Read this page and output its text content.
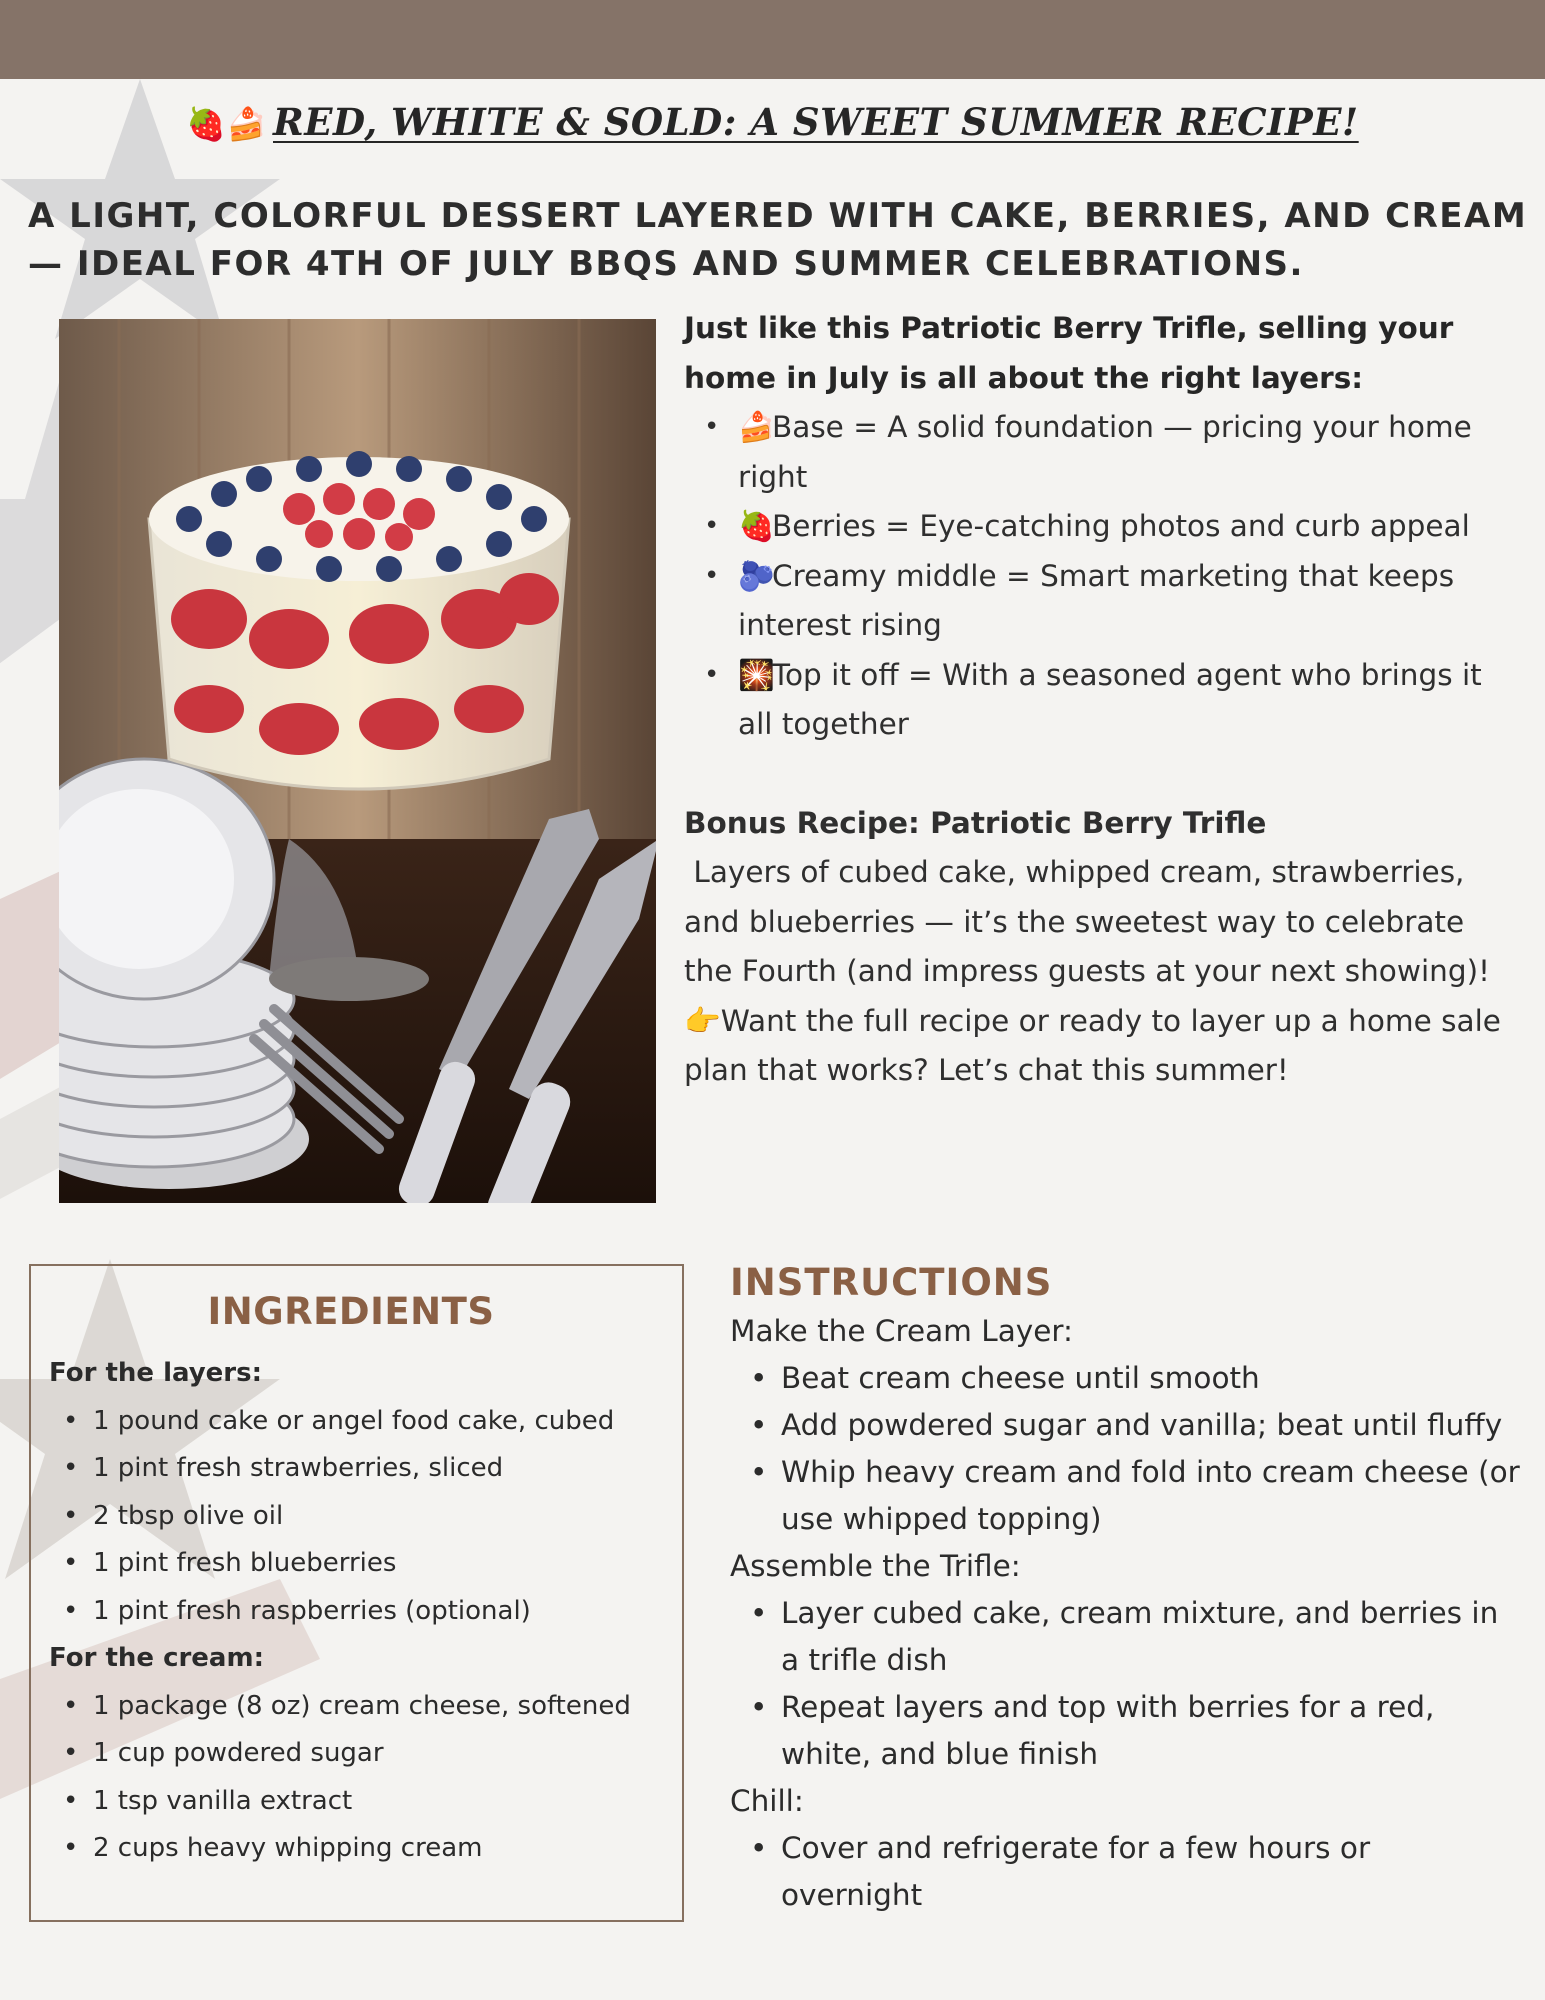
🍓🍰 RED, WHITE & SOLD: A SWEET SUMMER RECIPE!
A LIGHT, COLORFUL DESSERT LAYERED WITH CAKE, BERRIES, AND CREAM — IDEAL FOR 4TH OF JULY BBQS AND SUMMER CELEBRATIONS.
Just like this Patriotic Berry Trifle, selling your home in July is all about the right layers:
• 🍰Base = A solid foundation — pricing your home right
• 🍓Berries = Eye-catching photos and curb appeal
• 🫐Creamy middle = Smart marketing that keeps interest rising
• 🎇Top it off = With a seasoned agent who brings it all together
Bonus Recipe: Patriotic Berry Trifle
Layers of cubed cake, whipped cream, strawberries, and blueberries — it’s the sweetest way to celebrate the Fourth (and impress guests at your next showing)!
👉Want the full recipe or ready to layer up a home sale plan that works? Let’s chat this summer!
INGREDIENTS
For the layers:
• 1 pound cake or angel food cake, cubed
• 1 pint fresh strawberries, sliced
• 2 tbsp olive oil
• 1 pint fresh blueberries
• 1 pint fresh raspberries (optional)
For the cream:
• 1 package (8 oz) cream cheese, softened
• 1 cup powdered sugar
• 1 tsp vanilla extract
• 2 cups heavy whipping cream
INSTRUCTIONS
Make the Cream Layer:
• Beat cream cheese until smooth
• Add powdered sugar and vanilla; beat until fluffy
• Whip heavy cream and fold into cream cheese (or use whipped topping)
Assemble the Trifle:
• Layer cubed cake, cream mixture, and berries in a trifle dish
• Repeat layers and top with berries for a red, white, and blue finish
Chill:
• Cover and refrigerate for a few hours or overnight
